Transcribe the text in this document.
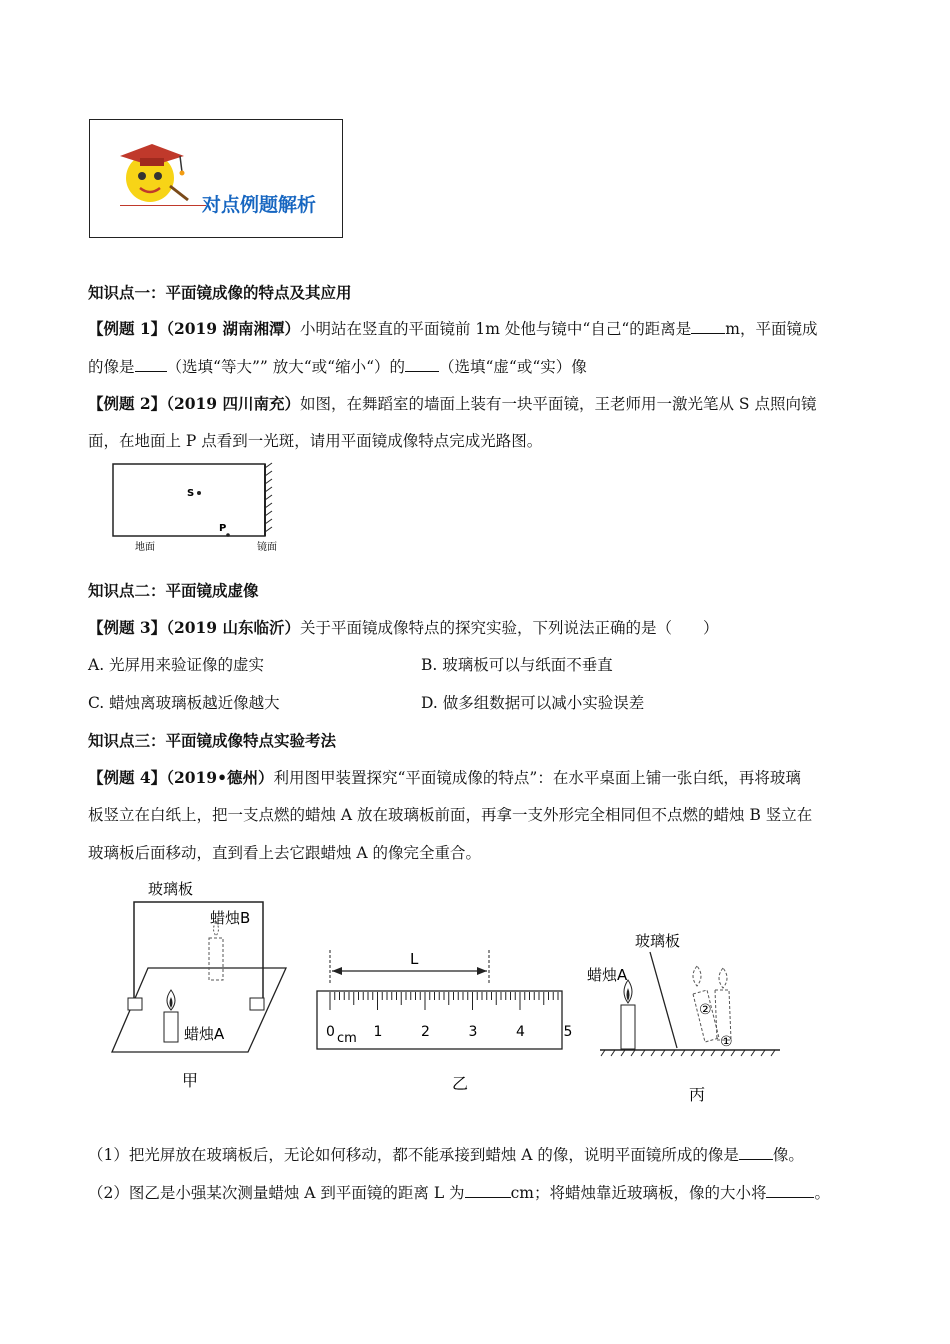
对点例题解析
知识点一：平面镜成像的特点及其应用
【例题 1】（2019 湖南湘潭）小明站在竖直的平面镜前 1m 处他与镜中“自己“的距离是 m，平面镜成
的像是 （选填“等大”” 放大“或“缩小“）的 （选填“虚“或“实）像
【例题 2】（2019 四川南充）如图，在舞蹈室的墙面上装有一块平面镜，王老师用一激光笔从 S 点照向镜
面，在地面上 P 点看到一光斑，请用平面镜成像特点完成光路图。
S
P
地面	镜面
知识点二：平面镜成虚像
【例题 3】（2019 山东临沂）关于平面镜成像特点的探究实验，下列说法正确的是（　　）
A. 光屏用来验证像的虚实	B. 玻璃板可以与纸面不垂直
C. 蜡烛离玻璃板越近像越大	D. 做多组数据可以减小实验误差
知识点三：平面镜成像特点实验考法
【例题 4】（2019•德州）利用图甲装置探究“平面镜成像的特点”：在水平桌面上铺一张白纸，再将玻璃
板竖立在白纸上，把一支点燃的蜡烛 A 放在玻璃板前面，再拿一支外形完全相同但不点燃的蜡烛 B 竖立在
玻璃板后面移动，直到看上去它跟蜡烛 A 的像完全重合。
玻璃板
蜡烛B
蜡烛A
甲
L
0	1	2	3	4	5
cm
乙
玻璃板
蜡烛A
②
①
丙
（1）把光屏放在玻璃板后，无论如何移动，都不能承接到蜡烛 A 的像，说明平面镜所成的像是 像。
（2）图乙是小强某次测量蜡烛 A 到平面镜的距离 L 为	cm；将蜡烛靠近玻璃板，像的大小将	。
